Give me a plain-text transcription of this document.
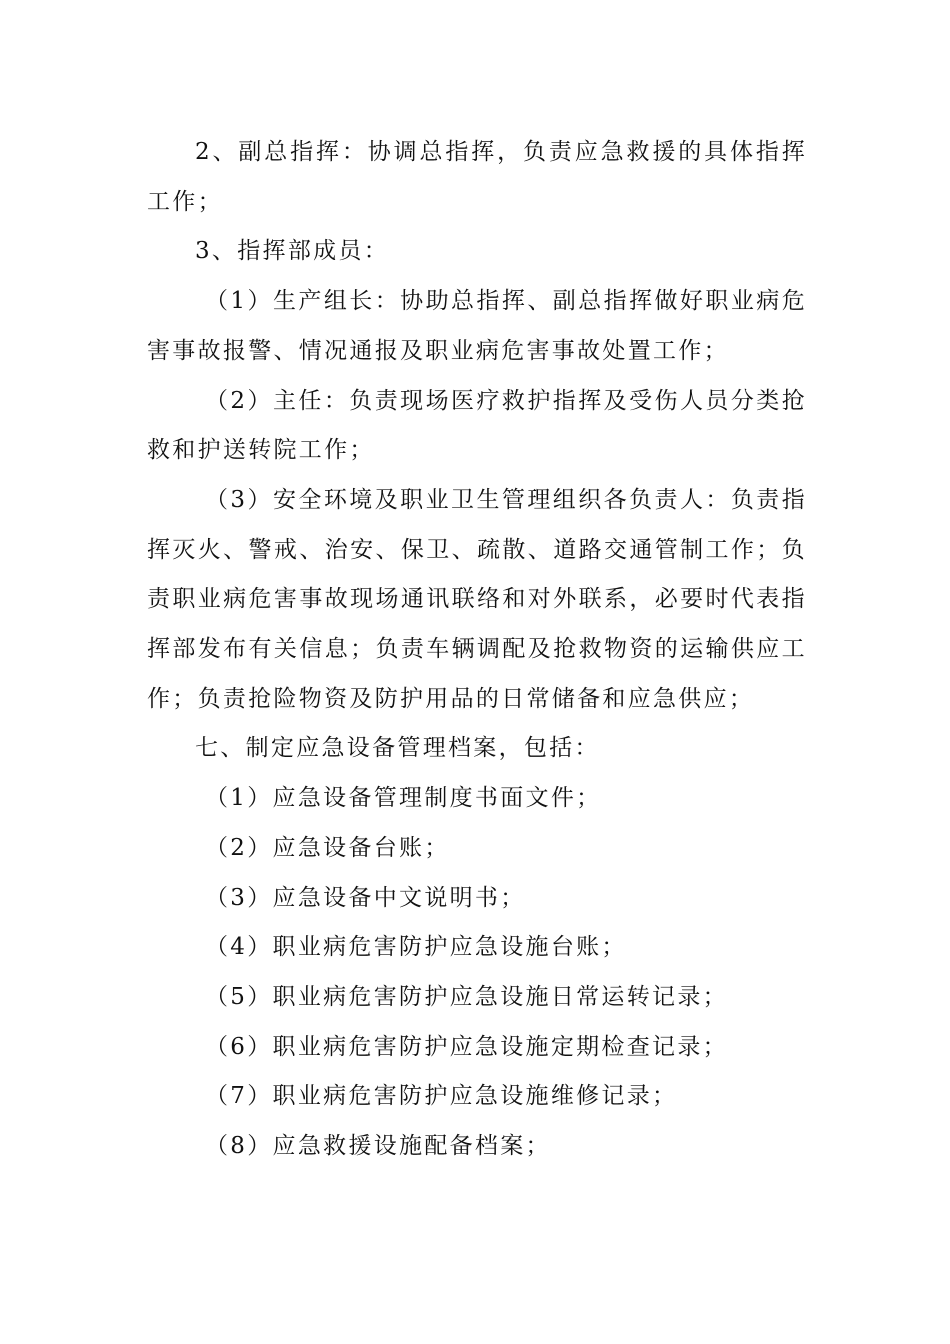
2、副总指挥：协调总指挥，负责应急救援的具体指挥工作；

3、指挥部成员：

（1）生产组长：协助总指挥、副总指挥做好职业病危害事故报警、情况通报及职业病危害事故处置工作；

（2）主任：负责现场医疗救护指挥及受伤人员分类抢救和护送转院工作；

（3）安全环境及职业卫生管理组织各负责人：负责指挥灭火、警戒、治安、保卫、疏散、道路交通管制工作；负责职业病危害事故现场通讯联络和对外联系，必要时代表指挥部发布有关信息；负责车辆调配及抢救物资的运输供应工作；负责抢险物资及防护用品的日常储备和应急供应；

七、制定应急设备管理档案，包括：

（1）应急设备管理制度书面文件；

（2）应急设备台账；

（3）应急设备中文说明书；

（4）职业病危害防护应急设施台账；

（5）职业病危害防护应急设施日常运转记录；

（6）职业病危害防护应急设施定期检查记录；

（7）职业病危害防护应急设施维修记录；

（8）应急救援设施配备档案；
